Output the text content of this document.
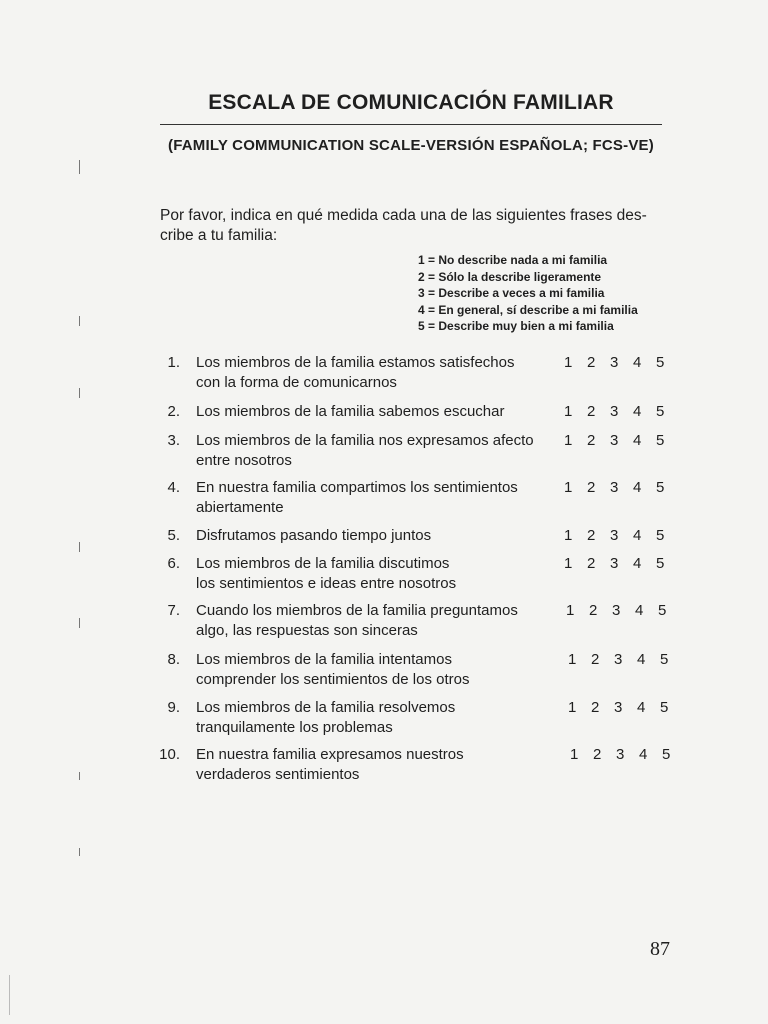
ESCALA DE COMUNICACIÓN FAMILIAR
(FAMILY COMMUNICATION SCALE-VERSIÓN ESPAÑOLA; FCS-VE)
Por favor, indica en qué medida cada una de las siguientes frases des-
cribe a tu familia:
1 = No describe nada a mi familia
2 = Sólo la describe ligeramente
3 = Describe a veces a mi familia
4 = En general, sí describe a mi familia
5 = Describe muy bien a mi familia
1. Los miembros de la familia estamos satisfechos
con la forma de comunicarnos
1 2 3 4 5
2. Los miembros de la familia sabemos escuchar	1 2 3 4 5
3. Los miembros de la familia nos expresamos afecto
entre nosotros
1 2 3 4 5
4. En nuestra familia compartimos los sentimientos
abiertamente
1 2 3 4 5
5. Disfrutamos pasando tiempo juntos	1 2 3 4 5
6. Los miembros de la familia discutimos
los sentimientos e ideas entre nosotros
1 2 3 4 5
7. Cuando los miembros de la familia preguntamos
algo, las respuestas son sinceras
1 2 3 4 5
8. Los miembros de la familia intentamos
comprender los sentimientos de los otros
1 2 3 4 5
9. Los miembros de la familia resolvemos
tranquilamente los problemas
1 2 3 4 5
10. En nuestra familia expresamos nuestros
verdaderos sentimientos
1 2 3 4 5
87
